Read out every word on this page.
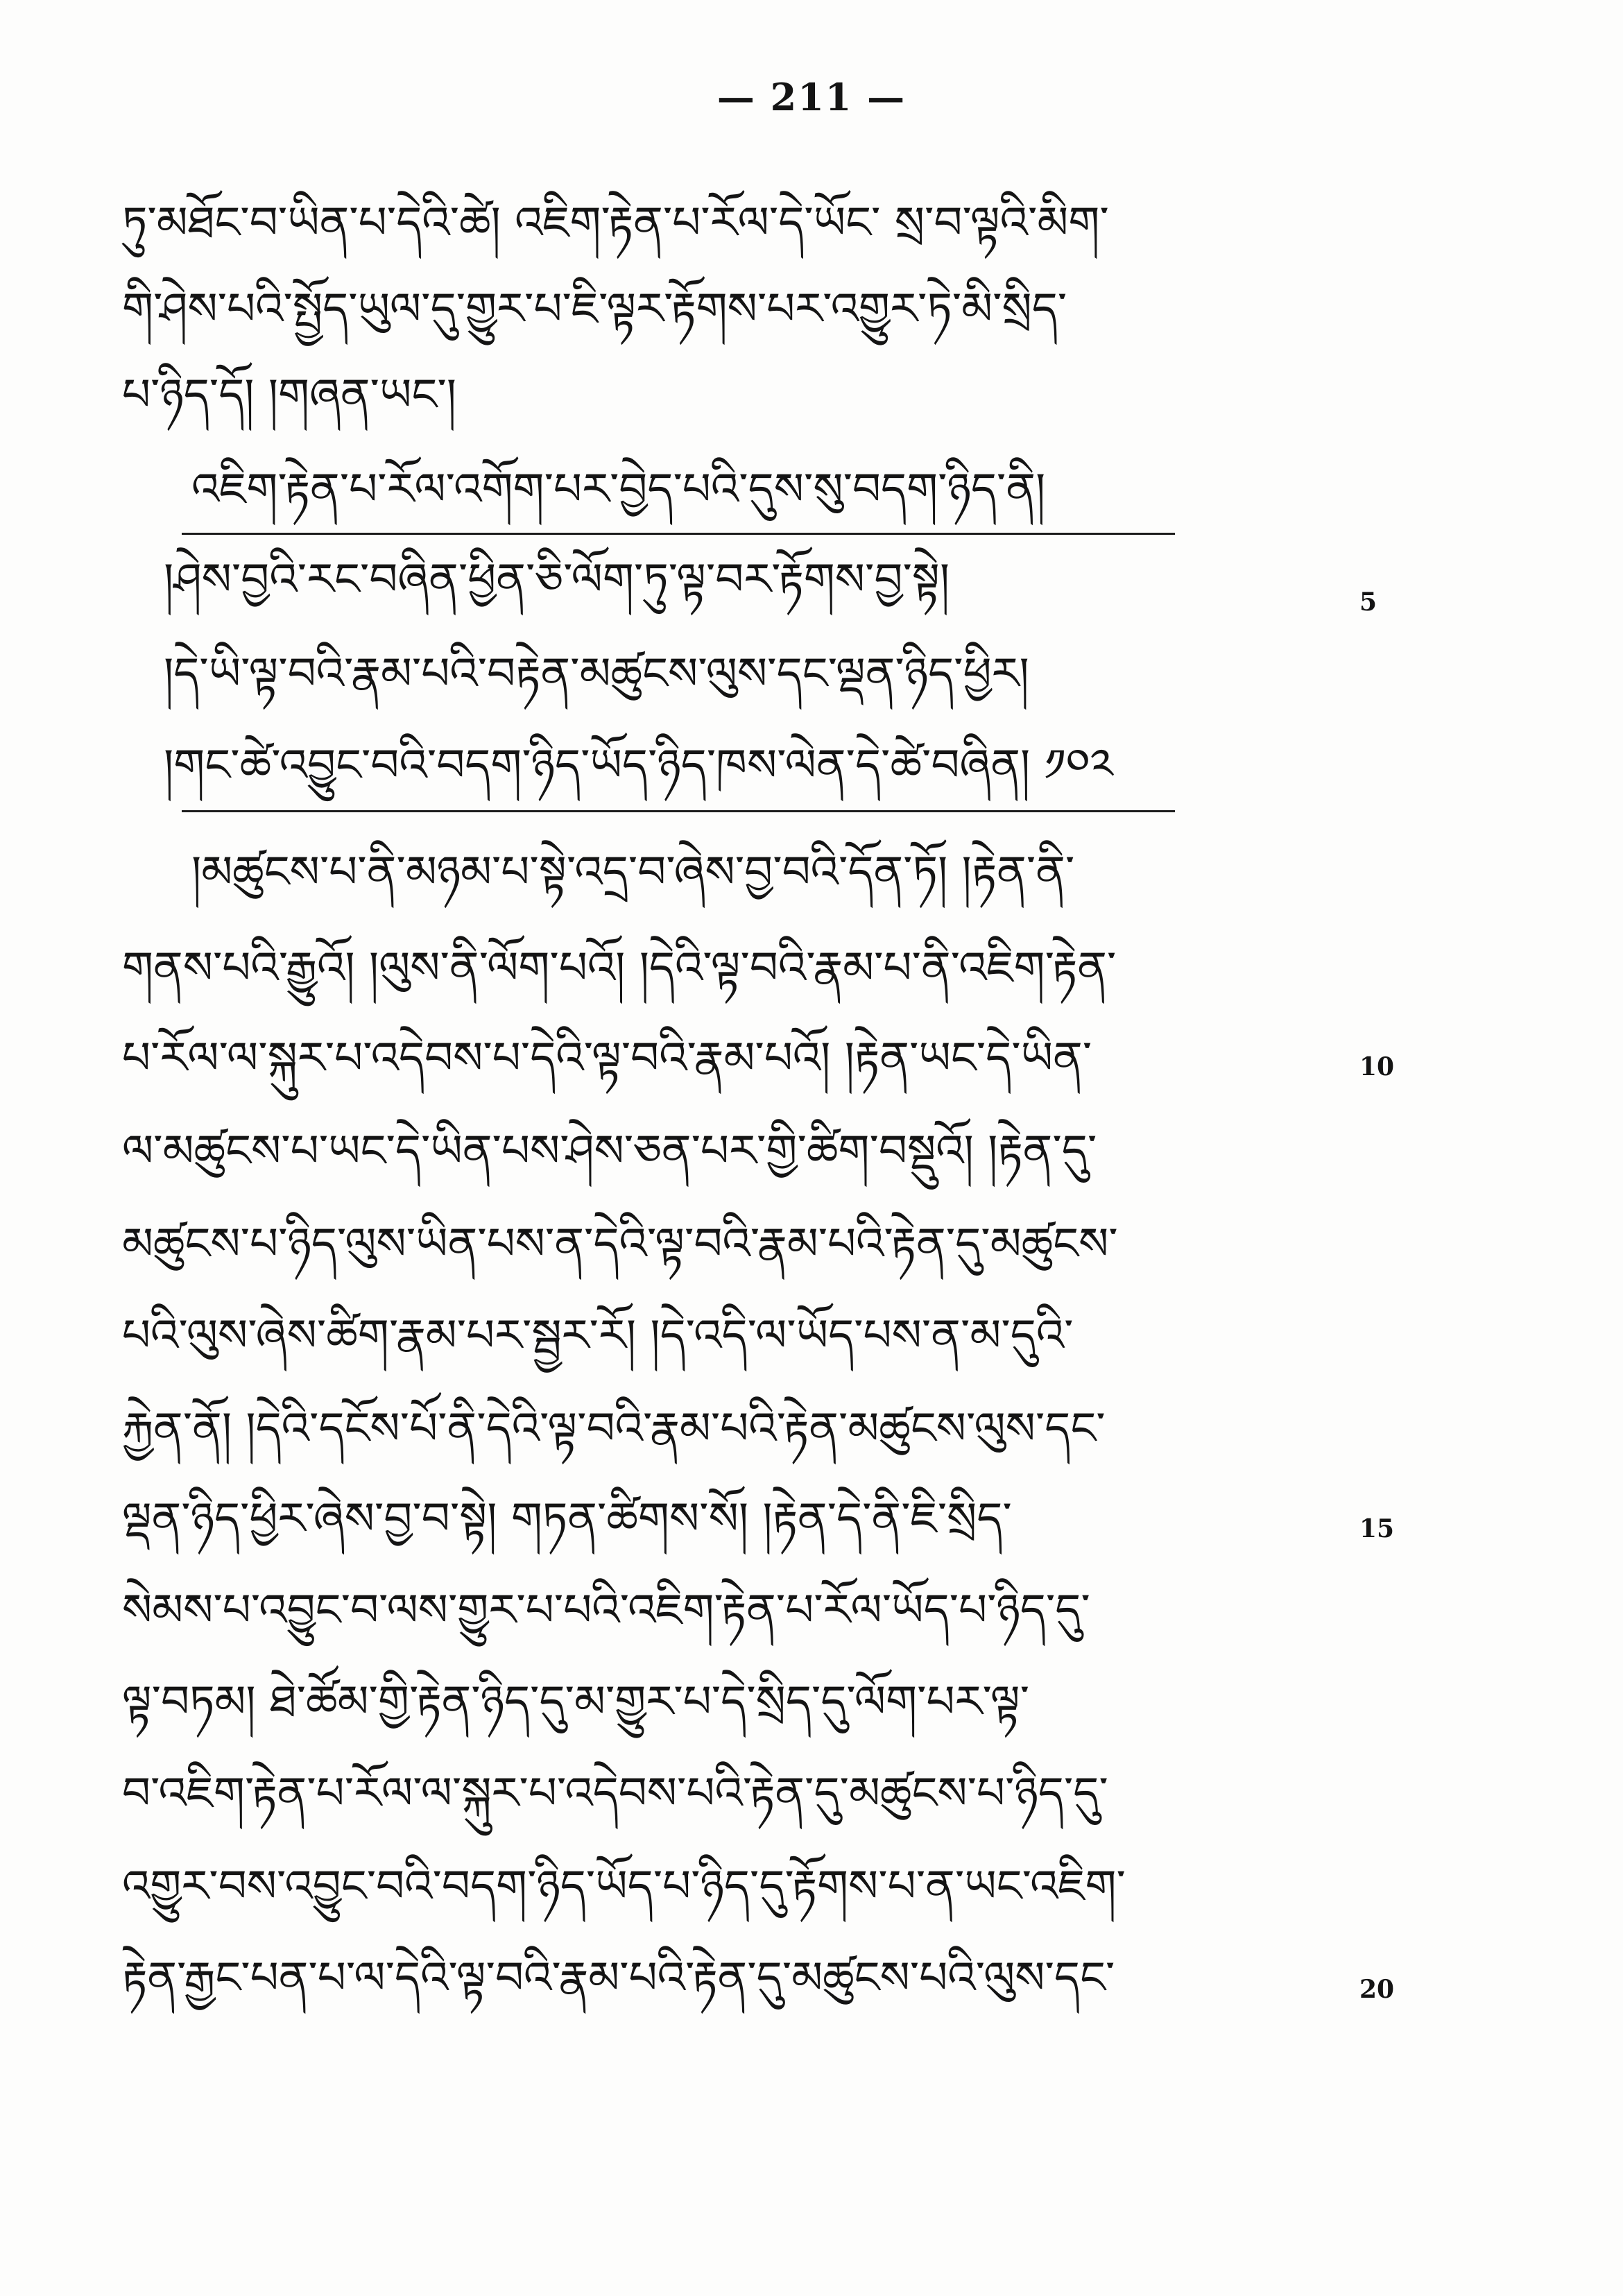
— 211 —
ཏུ་མཐོང་བ་ཡིན་པ་དེའི་ཚེ། འཇིག་རྟེན་པ་རོལ་དེ་ཡོང་ སྲ་བ་ལྟའི་མིག་
གི་ཤེས་པའི་སྤྱོད་ཡུལ་དུ་གྱུར་པ་ཇི་ལྟར་རྟོགས་པར་འགྱུར་ཏེ་མི་སྲིད་
པ་ཉིད་དོ། །གཞན་ཡང་།
འཇིག་རྟེན་པ་རོལ་འགོག་པར་བྱེད་པའི་དུས་སུ་བདག་ཉིད་ནི།
།ཤེས་བྱའི་རང་བཞིན་ཕྱིན་ཅི་ལོག་ཏུ་ལྟ་བར་རྟོགས་བྱ་སྟེ།
།དེ་ཡི་ལྟ་བའི་རྣམ་པའི་བརྟེན་མཚུངས་ལུས་དང་ལྡན་ཉིད་ཕྱིར།
།གང་ཚེ་འབྱུང་བའི་བདག་ཉིད་ཡོད་ཉིད་ཁས་ལེན་དེ་ཚེ་བཞིན། ༡༠༢
།མཚུངས་པ་ནི་མཉམ་པ་སྟེ་འདྲ་བ་ཞེས་བྱ་བའི་དོན་ཏོ། །རྟེན་ནི་
གནས་པའི་རྒྱུའོ། །ལུས་ནི་ལོག་པའོ། །དེའི་ལྟ་བའི་རྣམ་པ་ནི་འཇིག་རྟེན་
པ་རོལ་ལ་སྐུར་པ་འདེབས་པ་དེའི་ལྟ་བའི་རྣམ་པའོ། །རྟེན་ཡང་དེ་ཡིན་
ལ་མཚུངས་པ་ཡང་དེ་ཡིན་པས་ཤེས་ཅན་པར་གྱི་ཚིག་བསྡུའོ། །རྟེན་དུ་
མཚུངས་པ་ཉིད་ལུས་ཡིན་པས་ན་དེའི་ལྟ་བའི་རྣམ་པའི་རྟེན་དུ་མཚུངས་
པའི་ལུས་ཞེས་ཚིག་རྣམ་པར་སྦྱར་རོ། །དེ་འདི་ལ་ཡོད་པས་ན་མ་དུའི་
རྐྱེན་ནོ། །དེའི་དངོས་པོ་ནི་དེའི་ལྟ་བའི་རྣམ་པའི་རྟེན་མཚུངས་ལུས་དང་
ལྡན་ཉིད་ཕྱིར་ཞེས་བྱ་བ་སྟེ། གཏན་ཚིགས་སོ། །རྟེན་དེ་ནི་ཇི་སྲིད་
སེམས་པ་འབྱུང་བ་ལས་གྱུར་པ་པའི་འཇིག་རྟེན་པ་རོལ་ཡོད་པ་ཉིད་དུ་
ལྟ་བཏམ། ཐེ་ཚོམ་གྱི་རྟེན་ཉིད་དུ་མ་གྱུར་པ་དེ་སྲིད་དུ་ལོག་པར་ལྟ་
བ་འཇིག་རྟེན་པ་རོལ་ལ་སྐུར་པ་འདེབས་པའི་རྟེན་དུ་མཚུངས་པ་ཉིད་དུ་
འགྱུར་བས་འབྱུང་བའི་བདག་ཉིད་ཡོད་པ་ཉིད་དུ་རྟོགས་པ་ན་ཡང་འཇིག་
རྟེན་རྒྱང་པན་པ་ལ་དེའི་ལྟ་བའི་རྣམ་པའི་རྟེན་དུ་མཚུངས་པའི་ལུས་དང་
5
10
15
20
